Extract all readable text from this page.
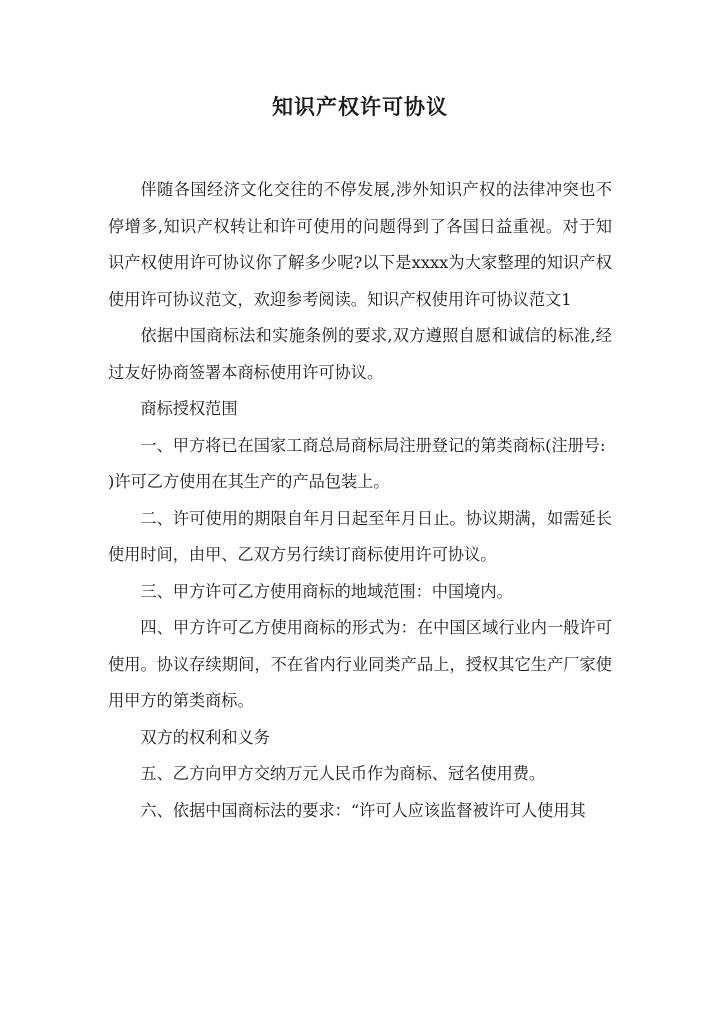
知识产权许可协议

伴随各国经济文化交往的不停发展,涉外知识产权的法律冲突也不停增多,知识产权转让和许可使用的问题得到了各国日益重视。对于知识产权使用许可协议你了解多少呢?以下是xxxx为大家整理的知识产权使用许可协议范文，欢迎参考阅读。知识产权使用许可协议范文1

依据中国商标法和实施条例的要求,双方遵照自愿和诚信的标准,经过友好协商签署本商标使用许可协议。

商标授权范围

一、甲方将已在国家工商总局商标局注册登记的第类商标(注册号:

)许可乙方使用在其生产的产品包装上。

二、许可使用的期限自年月日起至年月日止。协议期满，如需延长使用时间，由甲、乙双方另行续订商标使用许可协议。

三、甲方许可乙方使用商标的地域范围：中国境内。

四、甲方许可乙方使用商标的形式为：在中国区域行业内一般许可使用。协议存续期间，不在省内行业同类产品上，授权其它生产厂家使用甲方的第类商标。

双方的权利和义务

五、乙方向甲方交纳万元人民币作为商标、冠名使用费。

六、依据中国商标法的要求：“许可人应该监督被许可人使用其
